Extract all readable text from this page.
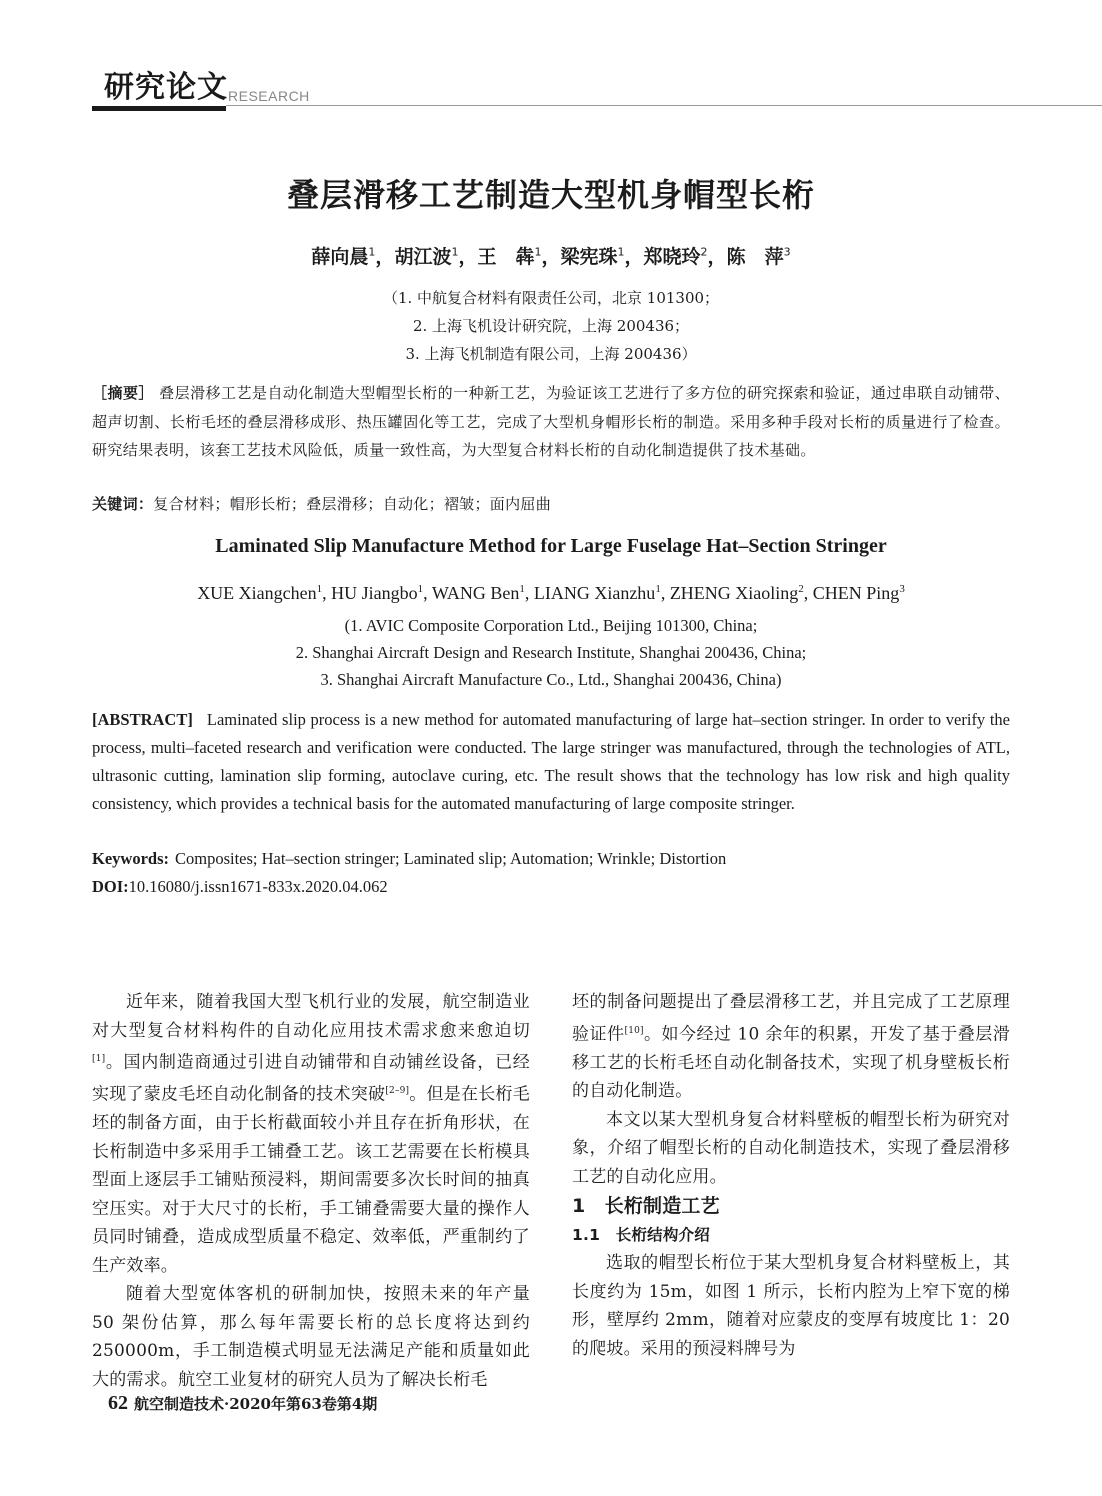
研究论文 RESEARCH
叠层滑移工艺制造大型机身帽型长桁
薛向晨$^1$，胡江波$^1$，王　犇$^1$，梁宪珠$^1$，郑晓玲$^2$，陈　萍$^3$
（1. 中航复合材料有限责任公司，北京 101300；
2. 上海飞机设计研究院，上海 200436；
3. 上海飞机制造有限公司，上海 200436）
［摘要］ 叠层滑移工艺是自动化制造大型帽型长桁的一种新工艺，为验证该工艺进行了多方位的研究探索和验证，通过串联自动铺带、超声切割、长桁毛坯的叠层滑移成形、热压罐固化等工艺，完成了大型机身帽形长桁的制造。采用多种手段对长桁的质量进行了检查。研究结果表明，该套工艺技术风险低，质量一致性高，为大型复合材料长桁的自动化制造提供了技术基础。
关键词：复合材料；帽形长桁；叠层滑移；自动化；褶皱；面内屈曲
Laminated Slip Manufacture Method for Large Fuselage Hat–Section Stringer
XUE Xiangchen$^1$, HU Jiangbo$^1$, WANG Ben$^1$, LIANG Xianzhu$^1$, ZHENG Xiaoling$^2$, CHEN Ping$^3$
(1. AVIC Composite Corporation Ltd., Beijing 101300, China;
2. Shanghai Aircraft Design and Research Institute, Shanghai 200436, China;
3. Shanghai Aircraft Manufacture Co., Ltd., Shanghai 200436, China)
[ABSTRACT] Laminated slip process is a new method for automated manufacturing of large hat–section stringer. In order to verify the process, multi–faceted research and verification were conducted. The large stringer was manufactured, through the technologies of ATL, ultrasonic cutting, lamination slip forming, autoclave curing, etc. The result shows that the technology has low risk and high quality consistency, which provides a technical basis for the automated manufacturing of large composite stringer.
Keywords: Composites; Hat–section stringer; Laminated slip; Automation; Wrinkle; Distortion
DOI:10.16080/j.issn1671-833x.2020.04.062

近年来，随着我国大型飞机行业的发展，航空制造业对大型复合材料构件的自动化应用技术需求愈来愈迫切[1]。国内制造商通过引进自动铺带和自动铺丝设备，已经实现了蒙皮毛坯自动化制备的技术突破[2–9]。但是在长桁毛坯的制备方面，由于长桁截面较小并且存在折角形状，在长桁制造中多采用手工铺叠工艺。该工艺需要在长桁模具型面上逐层手工铺贴预浸料，期间需要多次长时间的抽真空压实。对于大尺寸的长桁，手工铺叠需要大量的操作人员同时铺叠，造成成型质量不稳定、效率低，严重制约了生产效率。

随着大型宽体客机的研制加快，按照未来的年产量 50 架份估算，那么每年需要长桁的总长度将达到约 250000m，手工制造模式明显无法满足产能和质量如此大的需求。航空工业复材的研究人员为了解决长桁毛

坯的制备问题提出了叠层滑移工艺，并且完成了工艺原理验证件[10]。如今经过 10 余年的积累，开发了基于叠层滑移工艺的长桁毛坯自动化制备技术，实现了机身壁板长桁的自动化制造。

本文以某大型机身复合材料壁板的帽型长桁为研究对象，介绍了帽型长桁的自动化制造技术，实现了叠层滑移工艺的自动化应用。

1　长桁制造工艺

1.1　长桁结构介绍

选取的帽型长桁位于某大型机身复合材料壁板上，其长度约为 15m，如图 1 所示，长桁内腔为上窄下宽的梯形，壁厚约 2mm，随着对应蒙皮的变厚有坡度比 1：20 的爬坡。采用的预浸料牌号为

62 航空制造技术·2020年第63卷第4期
